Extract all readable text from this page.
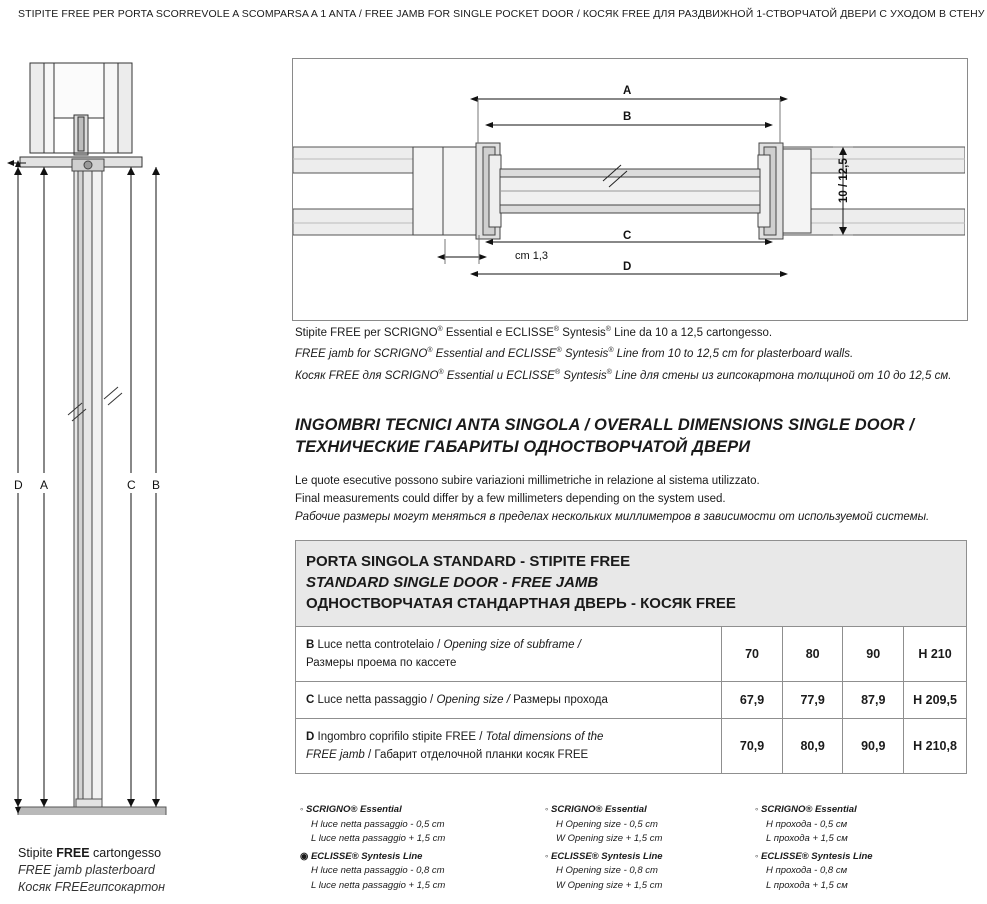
STIPITE FREE PER PORTA SCORREVOLE A SCOMPARSA A 1 ANTA / FREE JAMB FOR SINGLE POCKET DOOR / КОСЯК FREE ДЛЯ РАЗДВИЖНОЙ 1-СТВОРЧАТОЙ ДВЕРИ С УХОДОМ В СТЕНУ
D A	C B
Stipite FREE cartongesso
FREE jamb plasterboard
Косяк FREEгипсокартон
A
B
C
D
cm 1,3
10 / 12,5
Stipite FREE per SCRIGNO® Essential e ECLISSE® Syntesis® Line da 10 a 12,5 cartongesso.
FREE jamb for SCRIGNO® Essential and ECLISSE® Syntesis® Line from 10 to 12,5 cm for plasterboard walls.
Косяк FREE для SCRIGNO® Essential и ECLISSE® Syntesis® Line для стены из гипсокартона толщиной от 10 до 12,5 см.
INGOMBRI TECNICI ANTA SINGOLA / OVERALL DIMENSIONS SINGLE DOOR /
ТЕХНИЧЕСКИЕ ГАБАРИТЫ ОДНОСТВОРЧАТОЙ ДВЕРИ
Le quote esecutive possono subire variazioni millimetriche in relazione al sistema utilizzato.
Final measurements could differ by a few millimeters depending on the system used.
Рабочие размеры могут меняться в пределах нескольких миллиметров в зависимости от используемой системы.
PORTA SINGOLA STANDARD - STIPITE FREE
STANDARD SINGLE DOOR - FREE JAMB
ОДНОСТВОРЧАТАЯ СТАНДАРТНАЯ ДВЕРЬ - КОСЯК FREE				

B Luce netta controtelaio / Opening size of subframe /
Размеры проема по кассете	70	80	90	H 210
C Luce netta passaggio / Opening size / Размеры прохода	67,9	77,9	87,9	H 209,5
D Ingombro coprifilo stipite FREE / Total dimensions of the
FREE jamb / Габарит отделочной планки косяк FREE	70,9	80,9	90,9	H 210,8
◦ SCRIGNO® Essential
H luce netta passaggio - 0,5 cm
L luce netta passaggio + 1,5 cm
◉ ECLISSE® Syntesis Line
H luce netta passaggio - 0,8 cm
L luce netta passaggio + 1,5 cm
◦ SCRIGNO® Essential
H Opening size - 0,5 cm
W Opening size + 1,5 cm
◦ ECLISSE® Syntesis Line
H Opening size - 0,8 cm
W Opening size + 1,5 cm
◦ SCRIGNO® Essential
Н прохода - 0,5 см
L прохода + 1,5 см
◦ ECLISSE® Syntesis Line
Н прохода - 0,8 см
L прохода + 1,5 см
